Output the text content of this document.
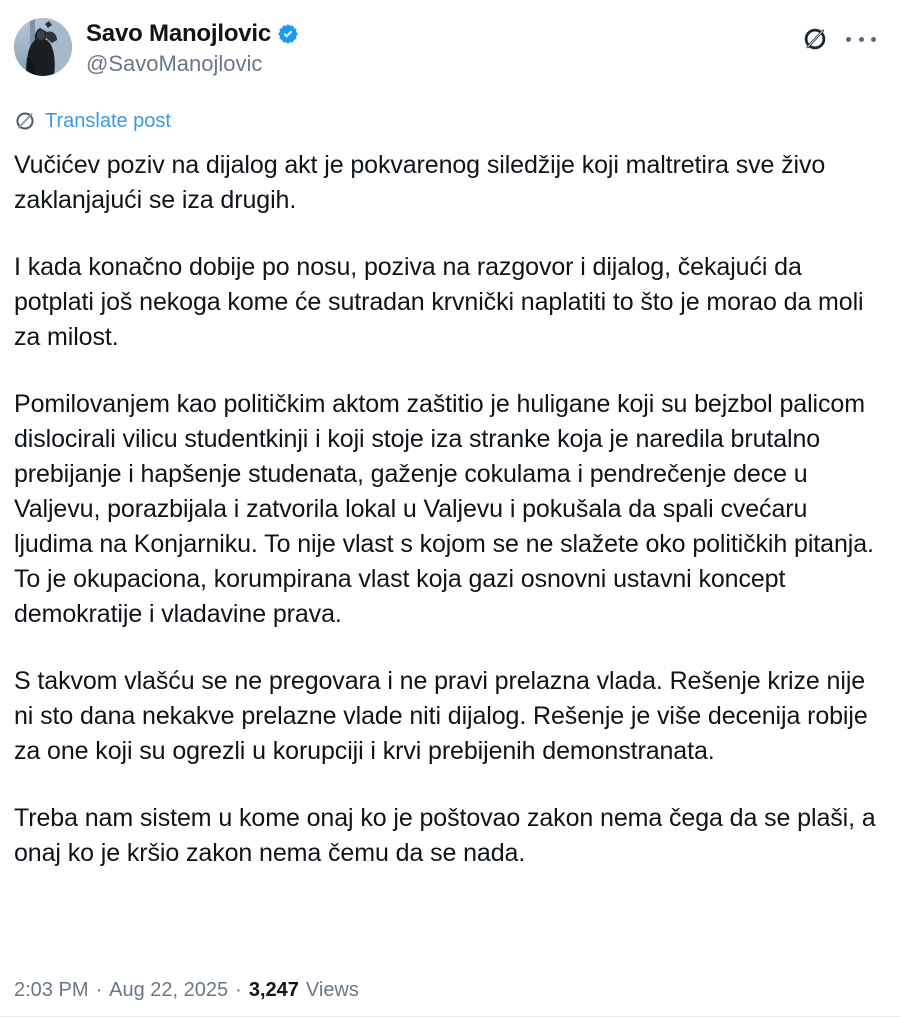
Savo Manojlovic
@SavoManojlovic
Translate post

Vučićev poziv na dijalog akt je pokvarenog siledžije koji maltretira sve živo zaklanjajući se iza drugih.

I kada konačno dobije po nosu, poziva na razgovor i dijalog, čekajući da potplati još nekoga kome će sutradan krvnički naplatiti to što je morao da moli za milost.

Pomilovanjem kao političkim aktom zaštitio je huligane koji su bejzbol palicom dislocirali vilicu studentkinji i koji stoje iza stranke koja je naredila brutalno prebijanje i hapšenje studenata, gaženje cokulama i pendrečenje dece u Valjevu, porazbijala i zatvorila lokal u Valjevu i pokušala da spali cvećaru ljudima na Konjarniku. To nije vlast s kojom se ne slažete oko političkih pitanja. To je okupaciona, korumpirana vlast koja gazi osnovni ustavni koncept demokratije i vladavine prava.

S takvom vlašću se ne pregovara i ne pravi prelazna vlada. Rešenje krize nije ni sto dana nekakve prelazne vlade niti dijalog. Rešenje je više decenija robije za one koji su ogrezli u korupciji i krvi prebijenih demonstranata.

Treba nam sistem u kome onaj ko je poštovao zakon nema čega da se plaši, a onaj ko je kršio zakon nema čemu da se nada.

2:03 PM · Aug 22, 2025 · 3,247 Views
